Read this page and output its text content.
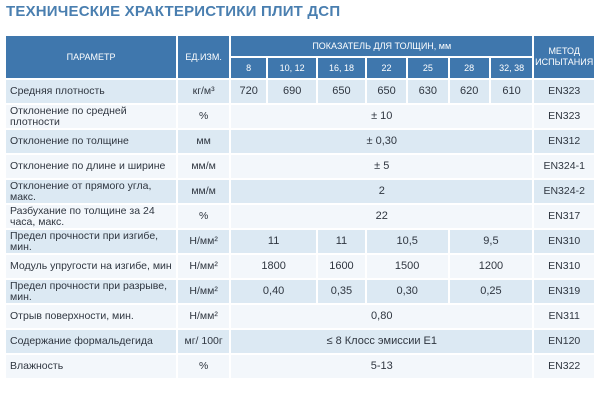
ТЕХНИЧЕСКИЕ ХРАКТЕРИСТИКИ ПЛИТ ДСП
ПАРАМЕТР	ЕД.ИЗМ.	ПОКАЗАТЕЛЬ ДЛЯ ТОЛЩИН, мм							МЕТОД ИСПЫТАНИЯ
		8	10, 12	16, 18	22	25	28	32, 38	
Средняя плотность	кг/м³	720	690	650	650	630	620	610	EN323
Отклонение по средней плотности	%	± 10							EN323
Отклонение по толщине	мм	± 0,30							EN312
Отклонение по длине и ширине	мм/м	± 5							EN324-1
Отклонение от прямого угла, макс.	мм/м	2							EN324-2
Разбухание по толщине за 24 часа, макс.	%	22							EN317
Предел прочности при изгибе, мин.	Н/мм²	11		11	10,5		9,5		EN310
Модуль упругости на изгибе, мин	Н/мм²	1800		1600	1500		1200		EN310
Предел прочности при разрыве, мин.	Н/мм²	0,40		0,35	0,30		0,25		EN319
Отрыв поверхности, мин.	Н/мм²	0,80							EN311
Содержание формальдегида	мг/ 100г	≤ 8 Клосс эмиссии Е1							EN120
Влажность	%	5-13							EN322
